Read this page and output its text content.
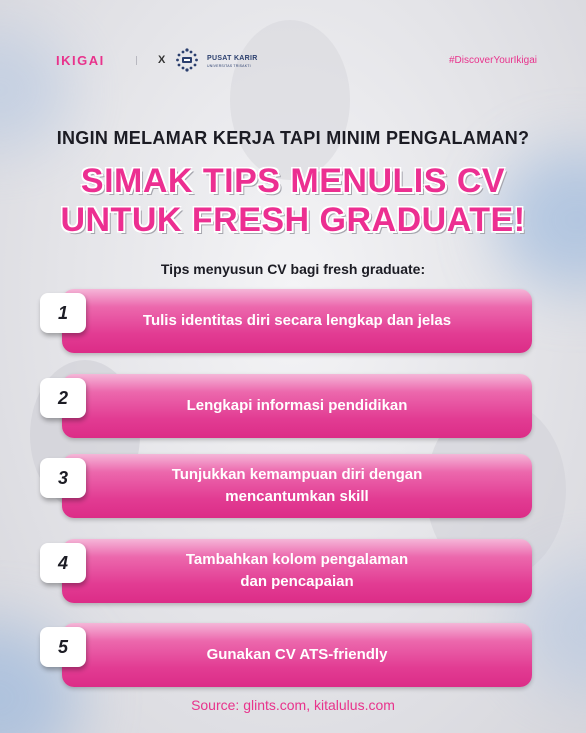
IKIGAI	X	PUSAT KARIR
UNIVERSITAS TRISAKTI	#DiscoverYourIkigai
INGIN MELAMAR KERJA TAPI MINIM PENGALAMAN?
SIMAK TIPS MENULIS CV
UNTUK FRESH GRADUATE!
Tips menyusun CV bagi fresh graduate:
Tulis identitas diri secara lengkap dan jelas
1
Lengkapi informasi pendidikan
2
Tunjukkan kemampuan diri dengan mencantumkan skill
3
Tambahkan kolom pengalaman dan pencapaian
4
Gunakan CV ATS-friendly
5
Source: glints.com, kitalulus.com
